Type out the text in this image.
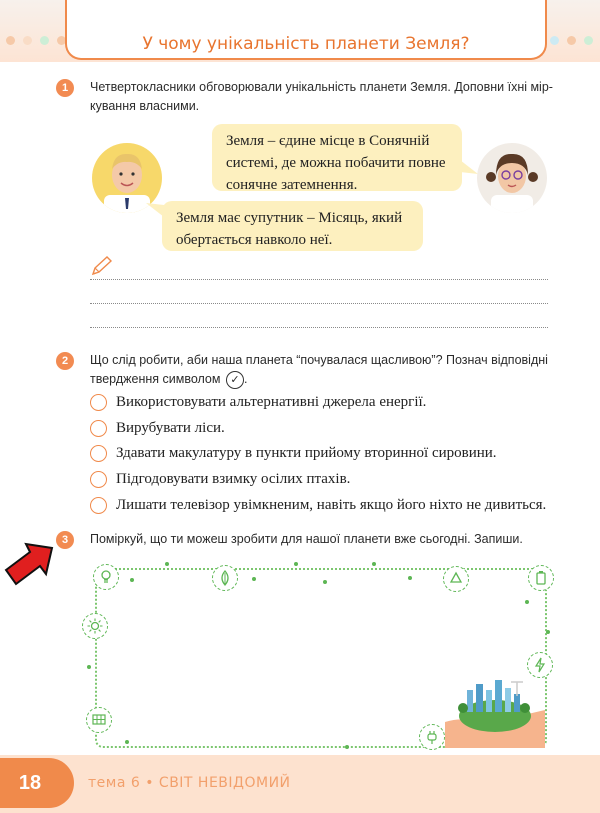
У чому унікальність планети Земля?
1	Четвертокласники обговорювали унікальність планети Земля. Доповни їхні мір-
кування власними.
Земля – єдине місце в Сонячній
системі, де можна побачити повне
сонячне затемнення.
Земля має супутник – Місяць, який
обертається навколо неї.
2	Що слід робити, аби наша планета “почувалася щасливою”? Познач відповідні
твердження символом ✓ .
Використовувати альтернативні джерела енергії.
Вирубувати ліси.
Здавати макулатуру в пункти прийому вторинної сировини.
Підгодовувати взимку осілих птахів.
Лишати телевізор увімкненим, навіть якщо його ніхто не дивиться.
3	Поміркуй, що ти можеш зробити для нашої планети вже сьогодні. Запиши.
18	тема 6 • СВІТ НЕВІДОМИЙ
